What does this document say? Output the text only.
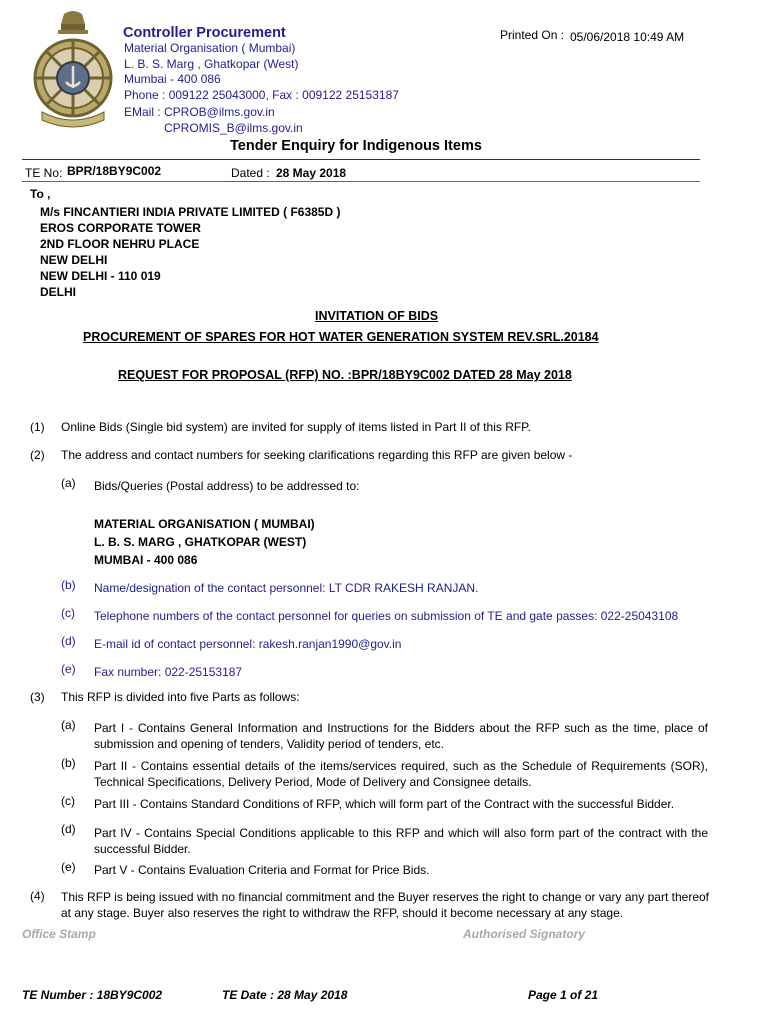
Controller Procurement	Printed On : 05/06/2018 10:49 AM
Material Organisation ( Mumbai)
L. B. S. Marg , Ghatkopar (West)
Mumbai - 400 086
Phone : 009122 25043000, Fax : 009122 25153187
EMail : CPROB@ilms.gov.in
CPROMIS_B@ilms.gov.in
Tender Enquiry for Indigenous Items
TE No: BPR/18BY9C002	Dated : 28 May 2018
To ,
M/s FINCANTIERI INDIA PRIVATE LIMITED ( F6385D )
EROS CORPORATE TOWER
2ND FLOOR NEHRU PLACE
NEW DELHI
NEW DELHI - 110 019
DELHI
INVITATION OF BIDS
PROCUREMENT OF SPARES FOR HOT WATER GENERATION SYSTEM REV.SRL.20184
REQUEST FOR PROPOSAL (RFP) NO. :BPR/18BY9C002 DATED 28 May 2018
(1) Online Bids (Single bid system) are invited for supply of items listed in Part II of this RFP.
(2) The address and contact numbers for seeking clarifications regarding this RFP are given below -
(a) Bids/Queries (Postal address) to be addressed to:
MATERIAL ORGANISATION ( MUMBAI)
L. B. S. MARG , GHATKOPAR (WEST)
MUMBAI - 400 086
(b) Name/designation of the contact personnel: LT CDR RAKESH RANJAN.
(c) Telephone numbers of the contact personnel for queries on submission of TE and gate passes: 022-25043108
(d) E-mail id of contact personnel: rakesh.ranjan1990@gov.in
(e) Fax number: 022-25153187
(3) This RFP is divided into five Parts as follows:
(a) Part I - Contains General Information and Instructions for the Bidders about the RFP such as the time, place of submission and opening of tenders, Validity period of tenders, etc.
(b) Part II - Contains essential details of the items/services required, such as the Schedule of Requirements (SOR), Technical Specifications, Delivery Period, Mode of Delivery and Consignee details.
(c) Part III - Contains Standard Conditions of RFP, which will form part of the Contract with the successful Bidder.
(d) Part IV - Contains Special Conditions applicable to this RFP and which will also form part of the contract with the successful Bidder.
(e) Part V - Contains Evaluation Criteria and Format for Price Bids.
(4) This RFP is being issued with no financial commitment and the Buyer reserves the right to change or vary any part thereof at any stage. Buyer also reserves the right to withdraw the RFP, should it become necessary at any stage.
Office Stamp	Authorised Signatory
TE Number : 18BY9C002	TE Date : 28 May 2018	Page 1 of 21
